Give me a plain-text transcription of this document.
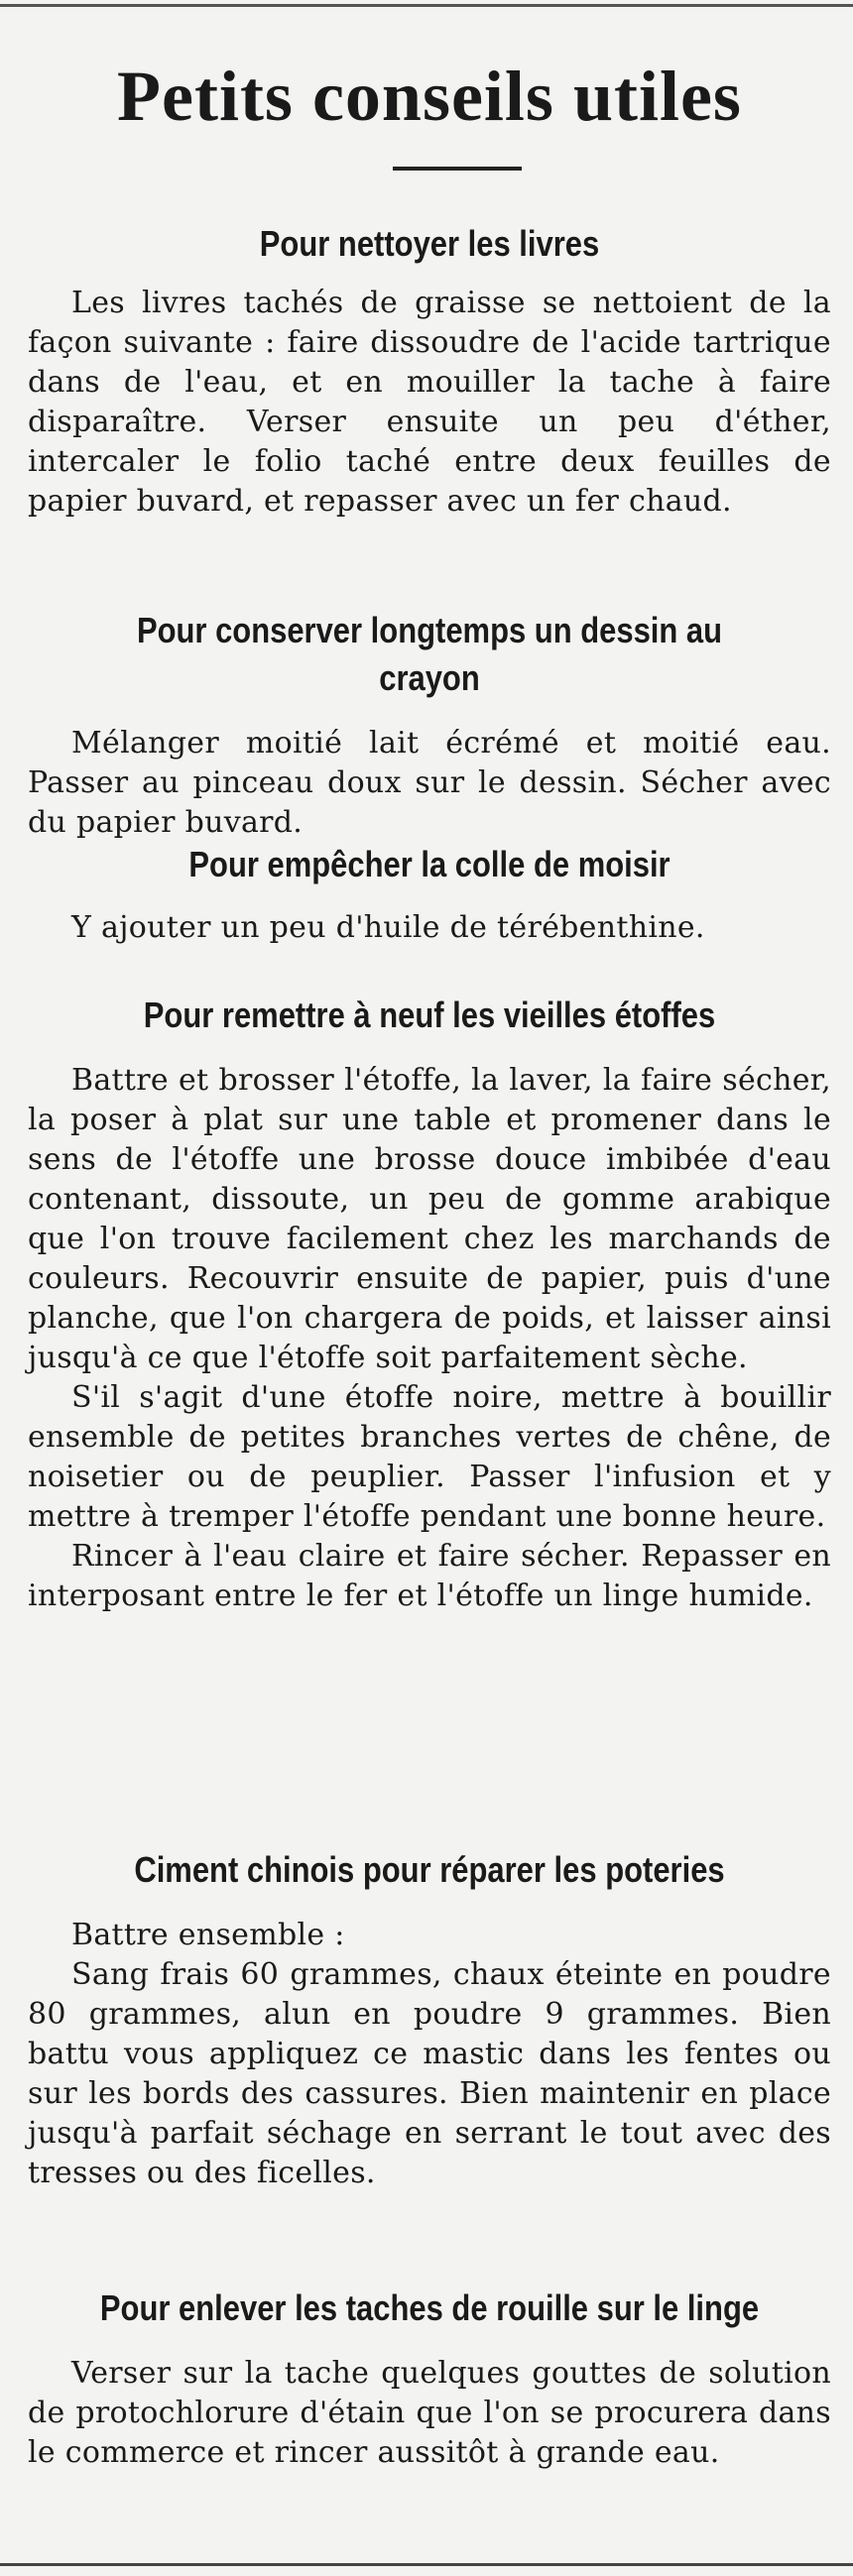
Petits conseils utiles
Pour nettoyer les livres

Les livres tachés de graisse se nettoient de la façon suivante : faire dissoudre de l'acide tartrique dans de l'eau, et en mouiller la tache à faire disparaître. Verser ensuite un peu d'éther, intercaler le folio taché entre deux feuilles de papier buvard, et repasser avec un fer chaud.

Pour conserver longtemps un dessin au crayon

Mélanger moitié lait écrémé et moitié eau. Passer au pinceau doux sur le dessin. Sécher avec du papier buvard.

Pour empêcher la colle de moisir

Y ajouter un peu d'huile de térébenthine.

Pour remettre à neuf les vieilles étoffes

Battre et brosser l'étoffe, la laver, la faire sécher, la poser à plat sur une table et promener dans le sens de l'étoffe une brosse douce imbibée d'eau contenant, dissoute, un peu de gomme arabique que l'on trouve facilement chez les marchands de couleurs. Recouvrir ensuite de papier, puis d'une planche, que l'on chargera de poids, et laisser ainsi jusqu'à ce que l'étoffe soit parfaitement sèche.

S'il s'agit d'une étoffe noire, mettre à bouillir ensemble de petites branches vertes de chêne, de noisetier ou de peuplier. Passer l'infusion et y mettre à tremper l'étoffe pendant une bonne heure.

Rincer à l'eau claire et faire sécher. Repasser en interposant entre le fer et l'étoffe un linge humide.

Ciment chinois pour réparer les poteries

Battre ensemble :

Sang frais 60 grammes, chaux éteinte en poudre 80 grammes, alun en poudre 9 grammes. Bien battu vous appliquez ce mastic dans les fentes ou sur les bords des cassures. Bien maintenir en place jusqu'à parfait séchage en serrant le tout avec des tresses ou des ficelles.

Pour enlever les taches de rouille sur le linge

Verser sur la tache quelques gouttes de solution de protochlorure d'étain que l'on se procurera dans le commerce et rincer aussitôt à grande eau.
